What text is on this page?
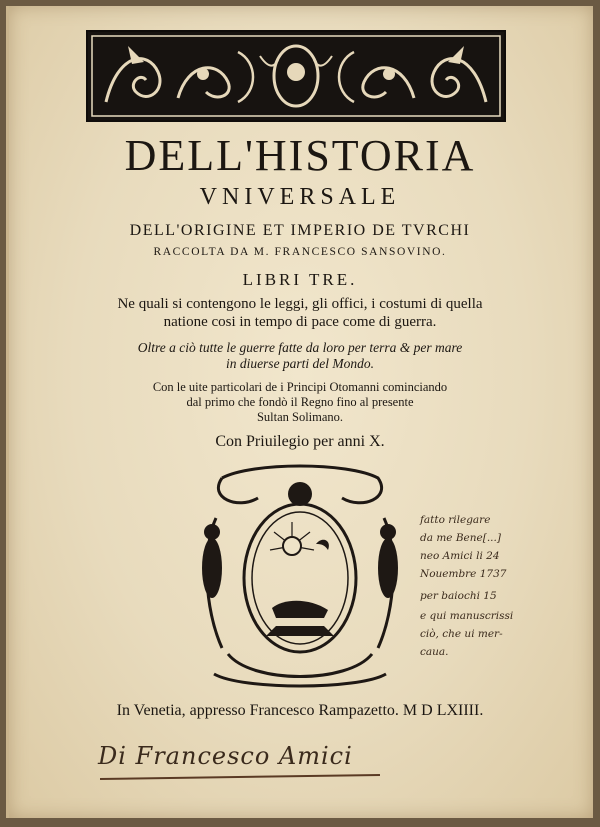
DELL'HISTORIA
VNIVERSALE
DELL'ORIGINE ET IMPERIO DE TVRCHI
RACCOLTA DA M. FRANCESCO SANSOVINO.
LIBRI TRE.
Ne quali si contengono le leggi, gli offici, i costumi di quella
natione cosi in tempo di pace come di guerra.
Oltre a ciò tutte le guerre fatte da loro per terra & per mare
in diuerse parti del Mondo.
Con le uite particolari de i Principi Otomanni cominciando
dal primo che fondò il Regno fino al presente
Sultan Solimano.
Con Priuilegio per anni X.
fatto rilegare
da me Bene[...]
neo Amici li 24
Nouembre 1737
per baiochi 15
e qui manuscrissi
ciò, che ui mer-
caua.
In Venetia, appresso Francesco Rampazetto. M D LXIIII.
Di Francesco Amici
